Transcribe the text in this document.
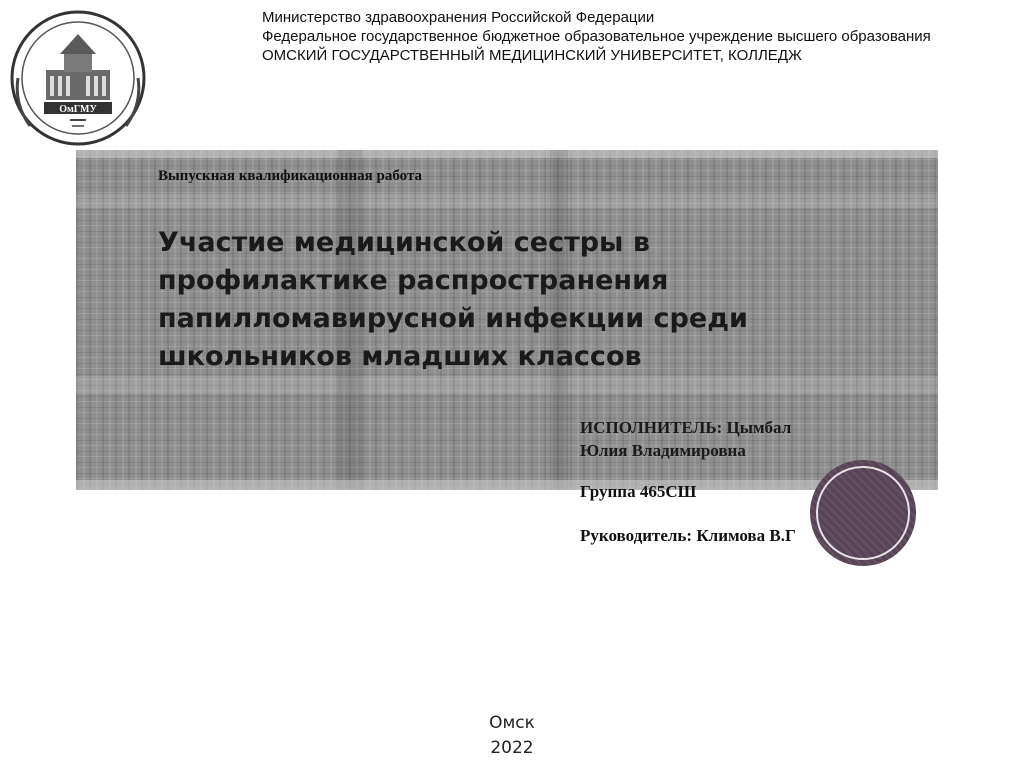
ОмГМУ
Министерство здравоохранения Российской Федерации
Федеральное государственное бюджетное образовательное учреждение высшего образования
ОМСКИЙ ГОСУДАРСТВЕННЫЙ МЕДИЦИНСКИЙ УНИВЕРСИТЕТ, КОЛЛЕДЖ
Выпускная квалификационная работа
Участие медицинской сестры в
профилактике распространения
папилломавирусной инфекции среди
школьников младших классов
ИСПОЛНИТЕЛЬ: Цымбал
Юлия Владимировна
Группа 465СШ
Руководитель: Климова В.Г
Омск
2022
